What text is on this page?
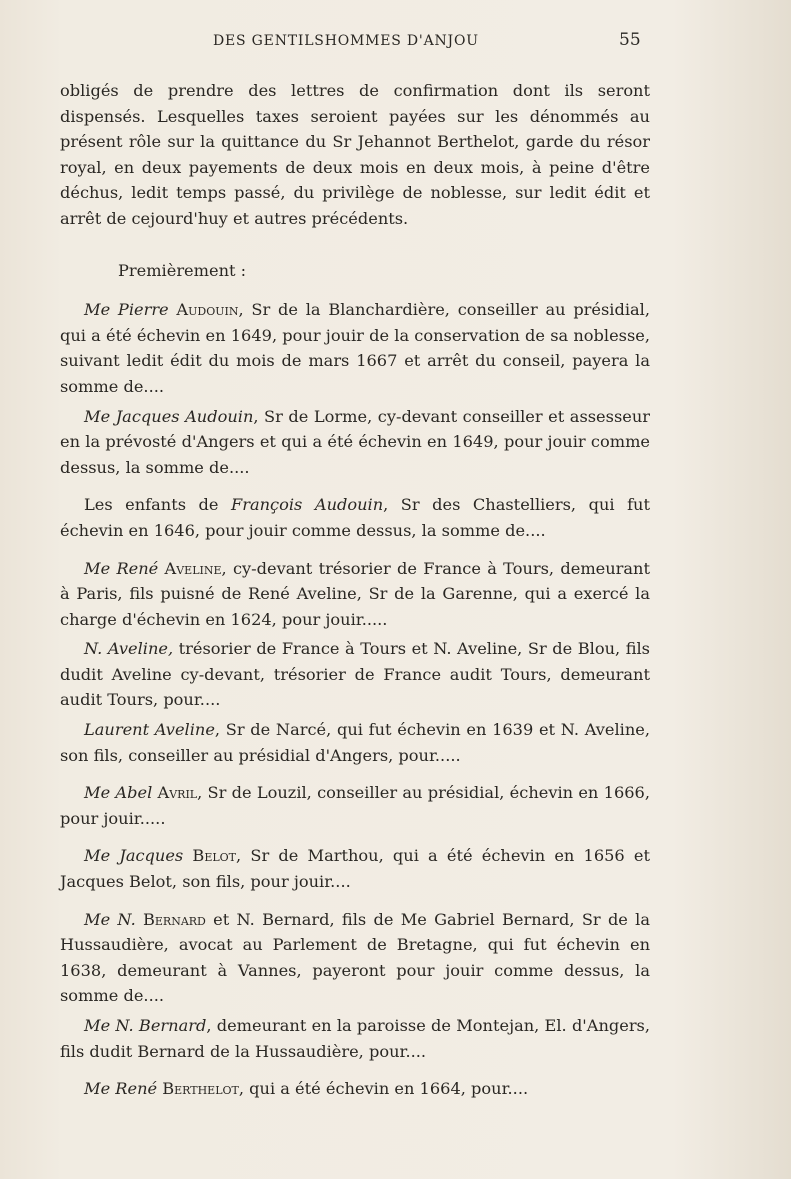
DES GENTILSHOMMES D'ANJOU	55

obligés de prendre des lettres de confirmation dont ils seront dispensés. Lesquelles taxes seroient payées sur les dénommés au présent rôle sur la quittance du Sr Jehannot Berthelot, garde du résor royal, en deux payements de deux mois en deux mois, à peine d'être déchus, ledit temps passé, du privilège de noblesse, sur ledit édit et arrêt de cejourd'huy et autres précédents.

Premièrement :

Me Pierre Audouin, Sr de la Blanchardière, conseiller au présidial, qui a été échevin en 1649, pour jouir de la conservation de sa noblesse, suivant ledit édit du mois de mars 1667 et arrêt du conseil, payera la somme de....

Me Jacques Audouin, Sr de Lorme, cy-devant conseiller et assesseur en la prévosté d'Angers et qui a été échevin en 1649, pour jouir comme dessus, la somme de....

Les enfants de François Audouin, Sr des Chastelliers, qui fut échevin en 1646, pour jouir comme dessus, la somme de....

Me René Aveline, cy-devant trésorier de France à Tours, demeurant à Paris, fils puisné de René Aveline, Sr de la Garenne, qui a exercé la charge d'échevin en 1624, pour jouir.....

N. Aveline, trésorier de France à Tours et N. Aveline, Sr de Blou, fils dudit Aveline cy-devant, trésorier de France audit Tours, demeurant audit Tours, pour....

Laurent Aveline, Sr de Narcé, qui fut échevin en 1639 et N. Aveline, son fils, conseiller au présidial d'Angers, pour.....

Me Abel Avril, Sr de Louzil, conseiller au présidial, échevin en 1666, pour jouir.....

Me Jacques Belot, Sr de Marthou, qui a été échevin en 1656 et Jacques Belot, son fils, pour jouir....

Me N. Bernard et N. Bernard, fils de Me Gabriel Bernard, Sr de la Hussaudière, avocat au Parlement de Bretagne, qui fut échevin en 1638, demeurant à Vannes, payeront pour jouir comme dessus, la somme de....

Me N. Bernard, demeurant en la paroisse de Montejan, El. d'Angers, fils dudit Bernard de la Hussaudière, pour....

Me René Berthelot, qui a été échevin en 1664, pour....
